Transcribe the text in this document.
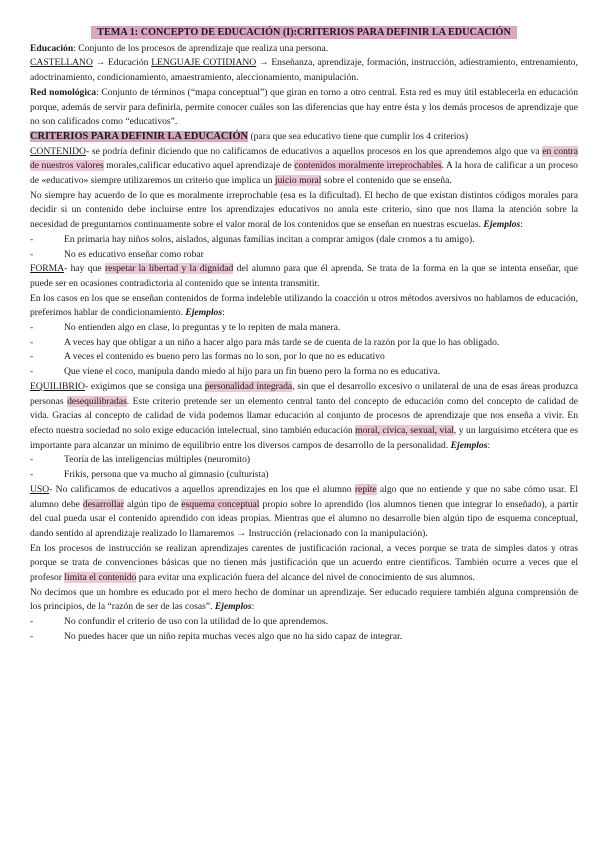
TEMA 1: CONCEPTO DE EDUCACIÓN (I):CRITERIOS PARA DEFINIR LA EDUCACIÓN

Educación: Conjunto de los procesos de aprendizaje que realiza una persona.

CASTELLANO → Educación LENGUAJE COTIDIANO → Enseñanza, aprendizaje, formación, instrucción, adiestramiento, entrenamiento, adoctrinamiento, condicionamiento, amaestramiento, aleccionamiento, manipulación.

Red nomológica: Conjunto de términos (“mapa conceptual”) que giran en torno a otro central. Esta red es muy útil establecerla en educación porque, además de servir para definirla, permite conocer cuáles son las diferencias que hay entre ésta y los demás procesos de aprendizaje que no son calificados como “educativos”.

CRITERIOS PARA DEFINIR LA EDUCACIÓN (para que sea educativo tiene que cumplir los 4 criterios)

CONTENIDO- se podría definir diciendo que no calificamos de educativos a aquellos procesos en los que aprendemos algo que va en contra de nuestros valores morales,calificar educativo aquel aprendizaje de contenidos moralmente irreprochables. A la hora de calificar a un proceso de «educativo» siempre utilizaremos un criterio que implica un juicio moral sobre el contenido que se enseña.

No siempre hay acuerdo de lo que es moralmente irreprochable (esa es la dificultad). El hecho de que existan distintos códigos morales para decidir si un contenido debe incluirse entre los aprendizajes educativos no anula este criterio, sino que nos llama la atención sobre la necesidad de preguntarnos continuamente sobre el valor moral de los contenidos que se enseñan en nuestras escuelas. Ejemplos:

-	En primaria hay niños solos, aislados, algunas familias incitan a comprar amigos (dale cromos a tu amigo).
-	No es educativo enseñar como robar

FORMA- hay que respetar la libertad y la dignidad del alumno para que él aprenda. Se trata de la forma en la que se intenta enseñar, que puede ser en ocasiones contradictoria al contenido que se intenta transmitir.

En los casos en los que se enseñan contenidos de forma indeleble utilizando la coacción u otros métodos aversivos no hablamos de educación, preferimos hablar de condicionamiento. Ejemplos:

-	No entienden algo en clase, lo preguntas y te lo repiten de mala manera.
-	A veces hay que obligar a un niño a hacer algo para más tarde se de cuenta de la razón por la que lo has obligado.
-	A veces el contenido es bueno pero las formas no lo son, por lo que no es educativo
-	Que viene el coco, manipula dando miedo al hijo para un fin bueno pero la forma no es educativa.

EQUILIBRIO- exigimos que se consiga una personalidad integrada, sin que el desarrollo excesivo o unilateral de una de esas áreas produzca personas desequilibradas. Este criterio pretende ser un elemento central tanto del concepto de educación como del concepto de calidad de vida. Gracias al concepto de calidad de vida podemos llamar educación al conjunto de procesos de aprendizaje que nos enseña a vivir. En efecto nuestra sociedad no solo exige educación intelectual, sino también educación moral, cívica, sexual, vial, y un larguísimo etcétera que es importante para alcanzar un mínimo de equilibrio entre los diversos campos de desarrollo de la personalidad. Ejemplos:

-	Teoría de las inteligencias múltiples (neuromito)
-	Frikis, persona que va mucho al gimnasio (culturista)

USO- No calificamos de educativos a aquellos aprendizajes en los que el alumno repite algo que no entiende y que no sabe cómo usar. El alumno debe desarrollar algún tipo de esquema conceptual propio sobre lo aprendido (los alumnos tienen que integrar lo enseñado), a partir del cual pueda usar el contenido aprendido con ideas propias. Mientras que el alumno no desarrolle bien algún tipo de esquema conceptual, dando sentido al aprendizaje realizado lo llamaremos → Instrucción (relacionado con la manipulación).

En los procesos de instrucción se realizan aprendizajes carentes de justificación racional, a veces porque se trata de simples datos y otras porque se trata de convenciones básicas que no tienen más justificación que un acuerdo entre científicos. También ocurre a veces que el profesor limita el contenido para evitar una explicación fuera del alcance del nivel de conocimiento de sus alumnos.

No decimos que un hombre es educado por el mero hecho de dominar un aprendizaje. Ser educado requiere también alguna comprensión de los principios, de la “razón de ser de las cosas”. Ejemplos:

-	No confundir el criterio de uso con la utilidad de lo que aprendemos.
-	No puedes hacer que un niño repita muchas veces algo que no ha sido capaz de integrar.
